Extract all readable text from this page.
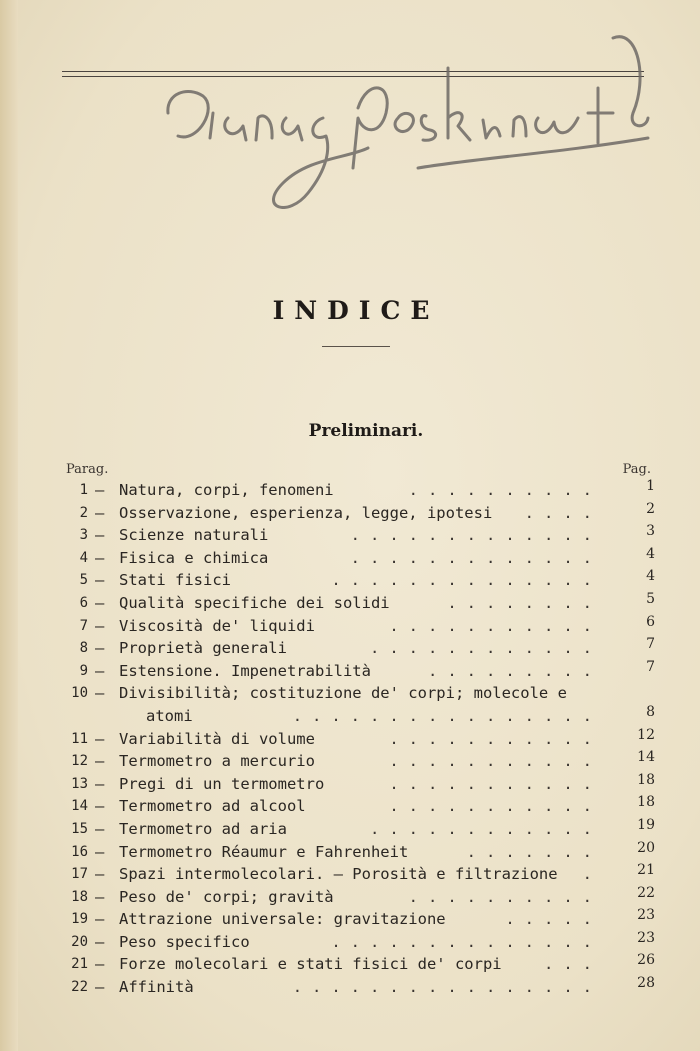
INDICE
Preliminari.
Parag.	Pag.
1 — Natura, corpi, fenomeni	1
..........
2 — Osservazione, esperienza, legge, ipotesi	2
....
3 — Scienze naturali	3
.............
4 — Fisica e chimica	4
.............
5 — Stati fisici	4
..............
6 — Qualità specifiche dei solidi	5
........
7 — Viscosità de' liquidi	6
...........
8 — Proprietà generali	7
............
9 — Estensione. Impenetrabilità	7
.........
10 — Divisibilità; costituzione de' corpi; molecole e
atomi	8
................
11 — Variabilità di volume	12
...........
12 — Termometro a mercurio	14
...........
13 — Pregi di un termometro	18
...........
14 — Termometro ad alcool	18
...........
15 — Termometro ad aria	19
............
16 — Termometro Réaumur e Fahrenheit	20
.......
17 — Spazi intermolecolari. — Porosità e filtrazione	21
.
18 — Peso de' corpi; gravità	22
..........
19 — Attrazione universale: gravitazione	23
.....
20 — Peso specifico	23
..............
21 — Forze molecolari e stati fisici de' corpi	26
...
22 — Affinità	28
................
